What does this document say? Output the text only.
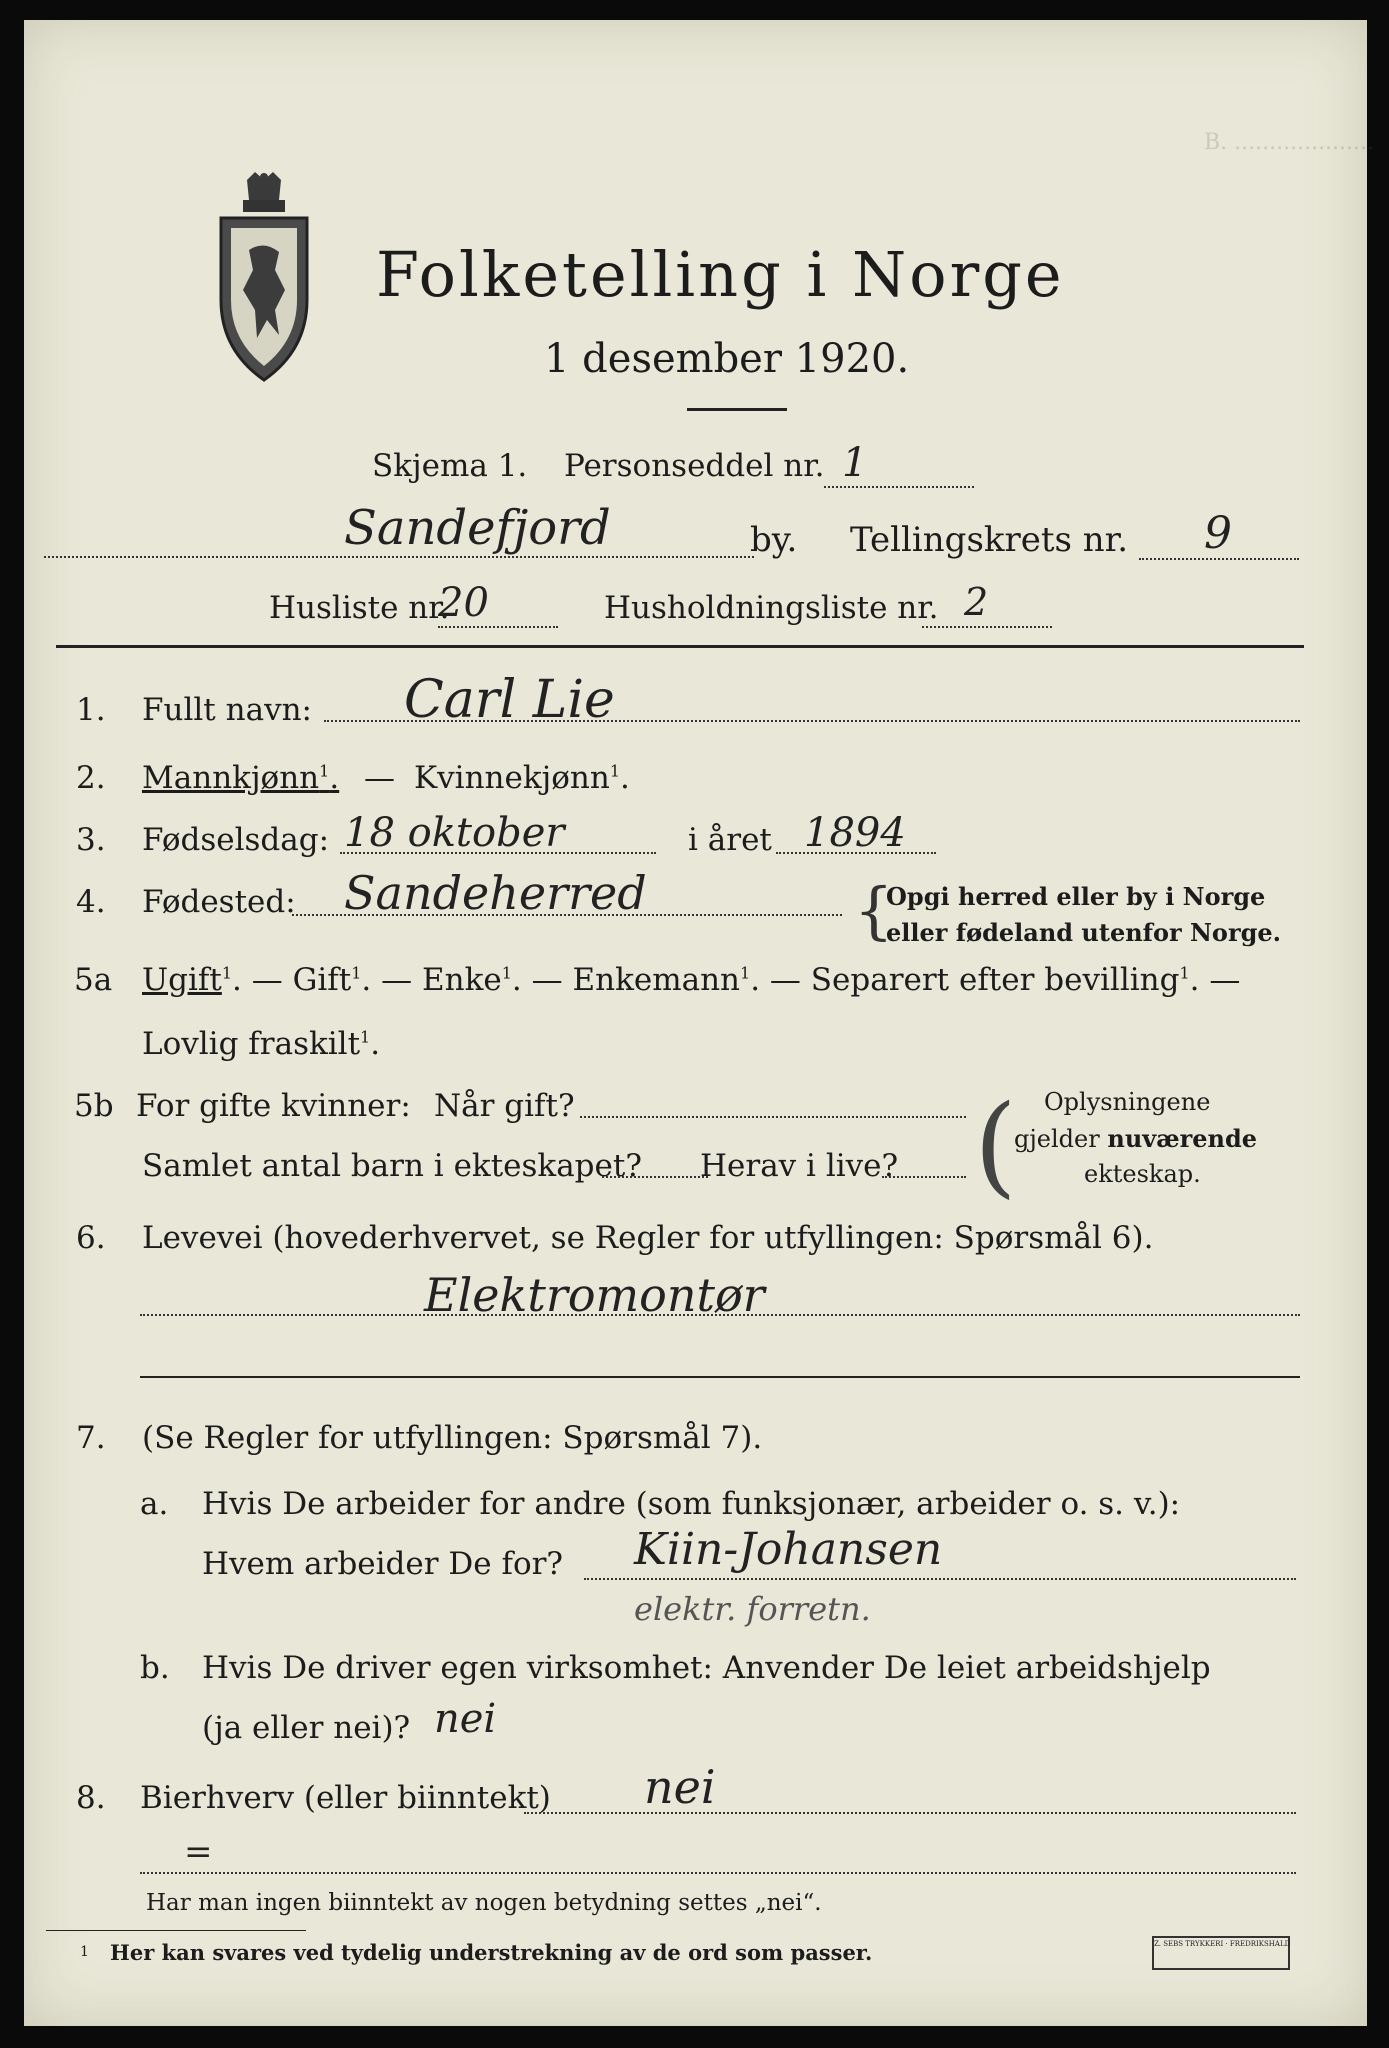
B. ....................
Folketelling i Norge
1 desember 1920.
Skjema 1. Personseddel nr. 1
Sandefjord	by. Tellingskrets nr. 9
Husliste nr.
20	Husholdningsliste nr. 2
1. Fullt navn: Carl Lie
2. Mannkjønn$^1$. — Kvinnekjønn$^1$.
3. Fødselsdag: 18 oktober	i året 1894
4. Fødested: Sandeherred	{
Opgi herred eller by i Norge
eller fødeland utenfor Norge.
5a Ugift$^1$. — Gift$^1$. — Enke$^1$. — Enkemann$^1$. — Separert efter bevilling$^1$. —
Lovlig fraskilt$^1$.
5b For gifte kvinner: Når gift?
Samlet antal barn i ekteskapet? Herav i live? ( Oplysningene
gjelder nuværende
ekteskap.
6. Levevei (hovederhvervet, se Regler for utfyllingen: Spørsmål 6).
Elektromontør
7. (Se Regler for utfyllingen: Spørsmål 7).
a. Hvis De arbeider for andre (som funksjonær, arbeider o. s. v.):
Hvem arbeider De for? Kiin-Johansen
elektr. forretn.
b. Hvis De driver egen virksomhet: Anvender De leiet arbeidshjelp
(ja eller nei)? nei
8. Bierhverv (eller biinntekt) nei
=
Har man ingen biinntekt av nogen betydning settes „nei“.
1 Her kan svares ved tydelig understrekning av de ord som passer.	Z. SEBS TRYKKERI · FREDRIKSHALD
